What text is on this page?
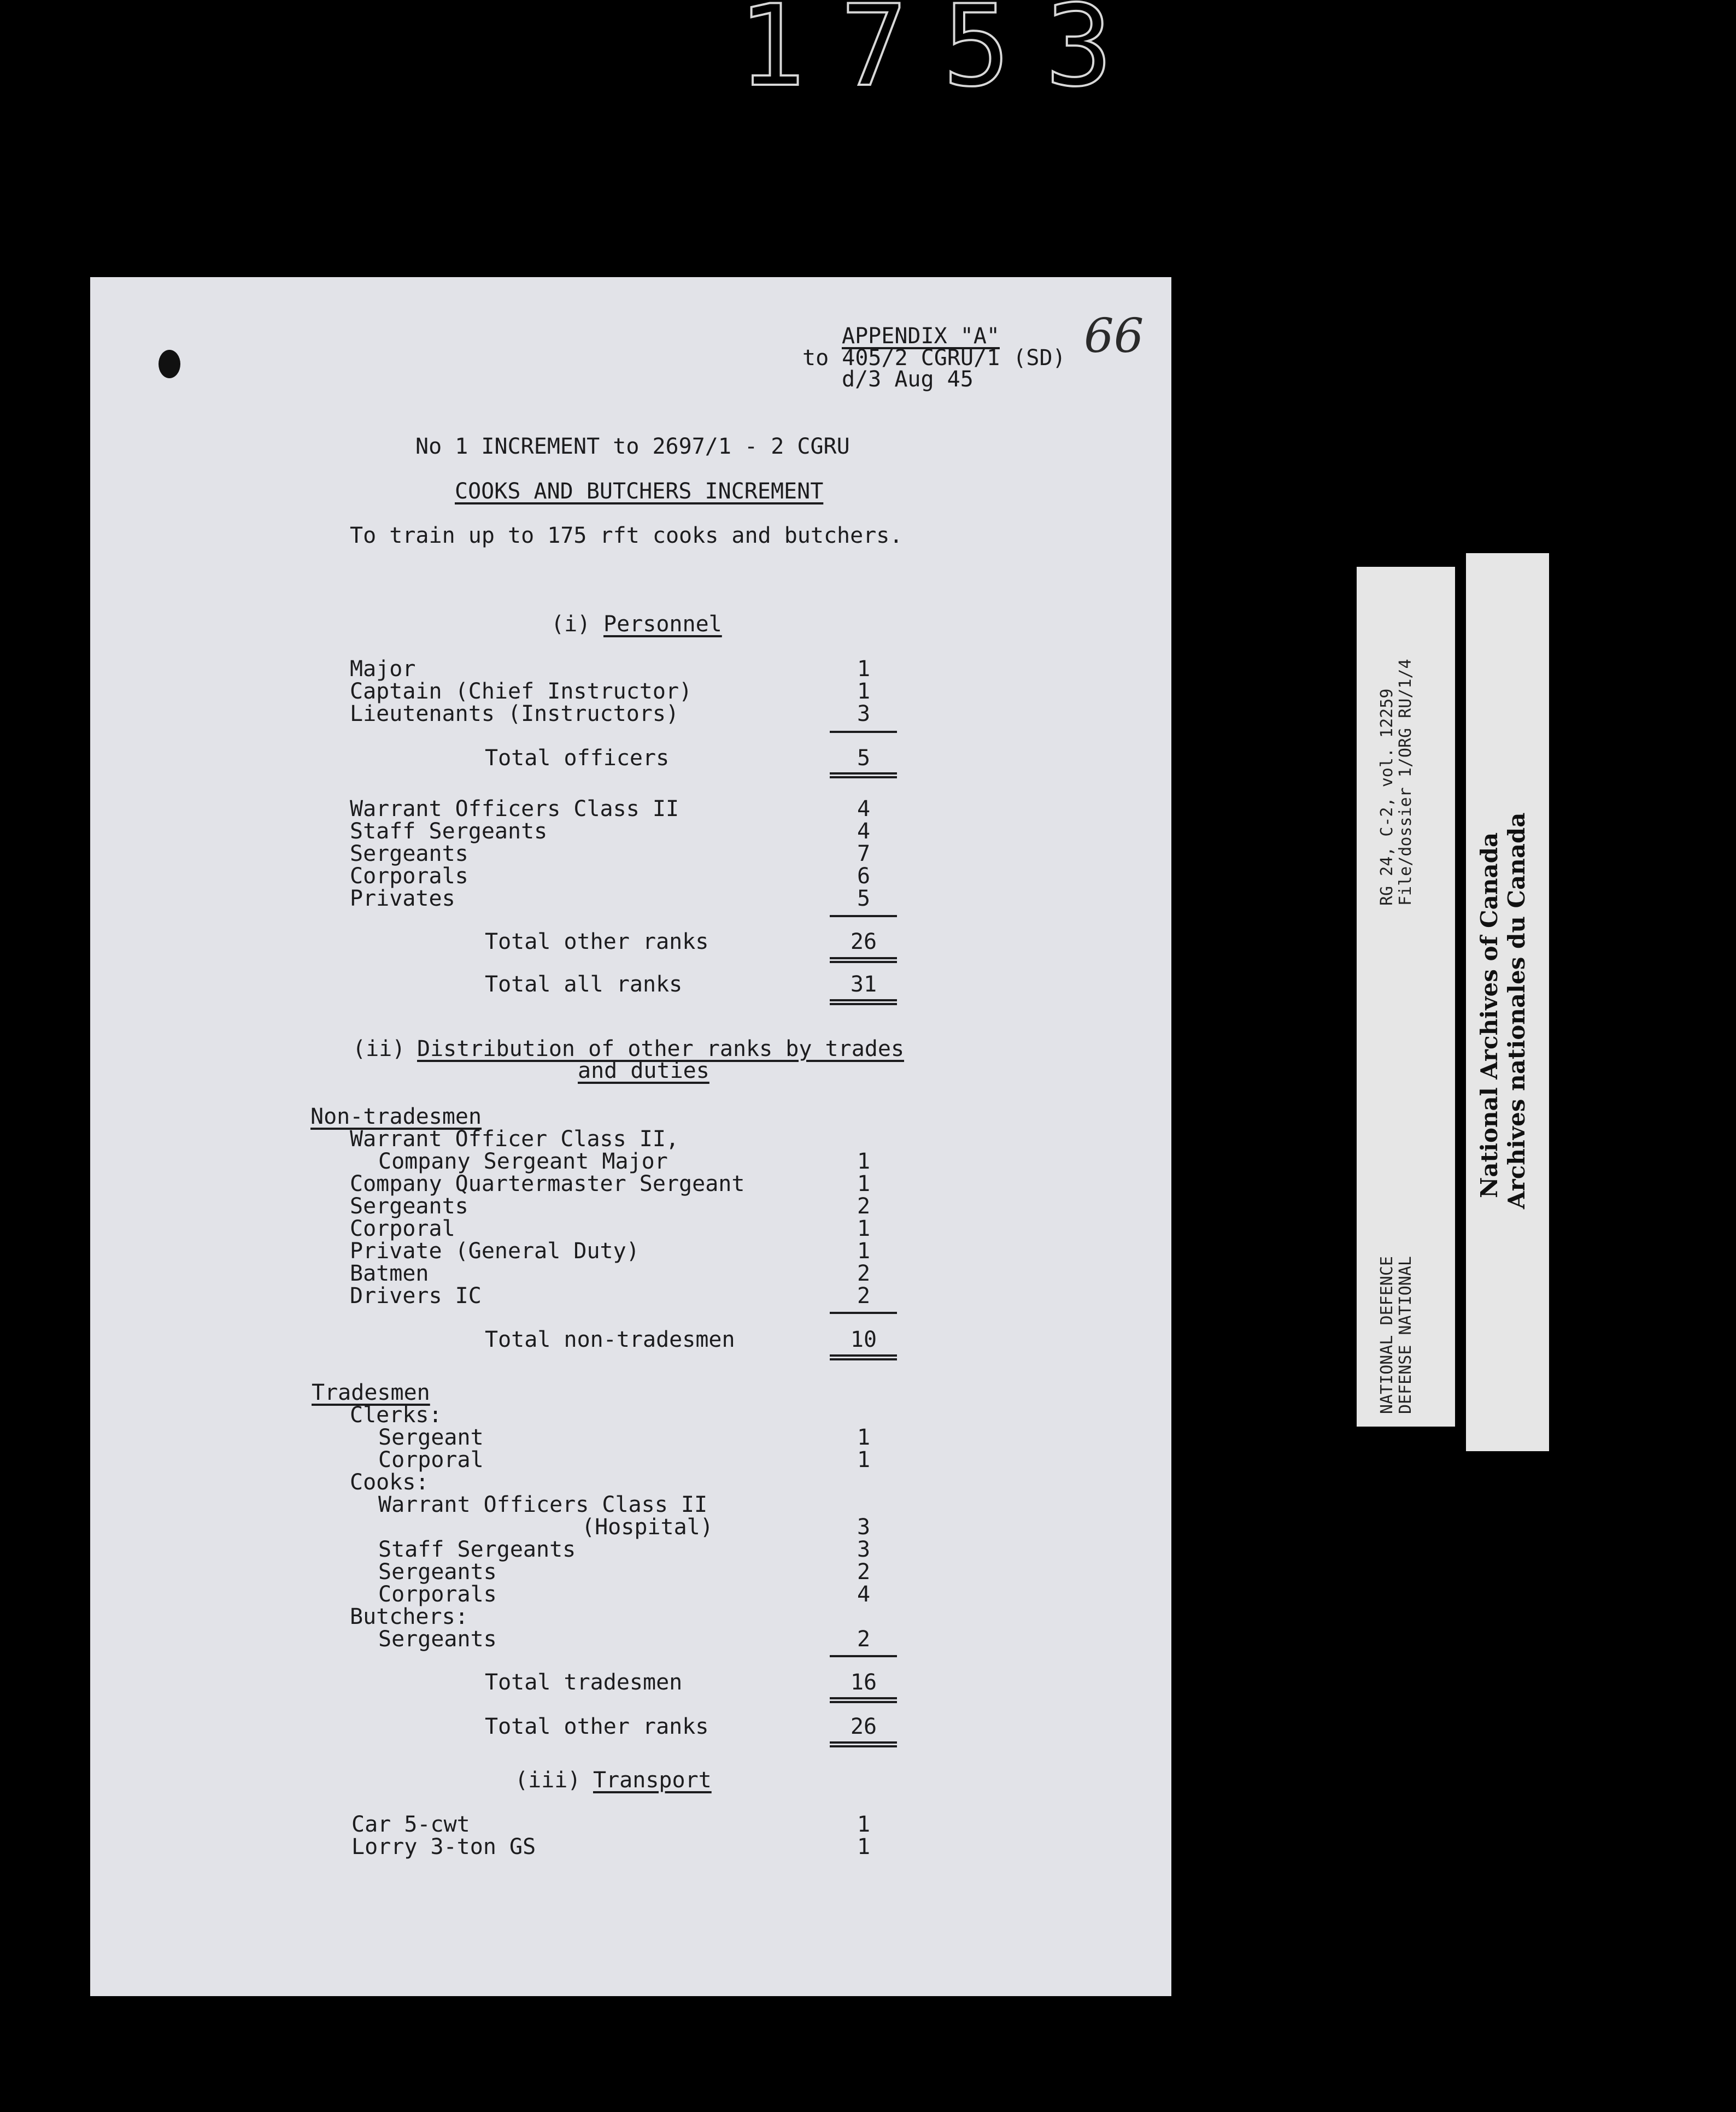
1753
66
APPENDIX "A"
to 405/2 CGRU/1 (SD)
d/3 Aug 45
No 1 INCREMENT to 2697/1 - 2 CGRU
COOKS AND BUTCHERS INCREMENT
To train up to 175 rft cooks and butchers.
(i) Personnel
Major	1
Captain (Chief Instructor)	1
Lieutenants (Instructors)	3
Total officers	5
Warrant Officers Class II	4
Staff Sergeants	4
Sergeants	7
Corporals	6
Privates	5
Total other ranks	26
Total all ranks	31
(ii) Distribution of other ranks by trades
and duties
Non-tradesmen
Warrant Officer Class II,
Company Sergeant Major	1
Company Quartermaster Sergeant	1
Sergeants	2
Corporal	1
Private (General Duty)	1
Batmen	2
Drivers IC	2
Total non-tradesmen	10
Tradesmen
Clerks:
Sergeant	1
Corporal	1
Cooks:
Warrant Officers Class II
(Hospital)	3
Staff Sergeants	3
Sergeants	2
Corporals	4
Butchers:
Sergeants	2
Total tradesmen	16
Total other ranks	26
(iii) Transport
Car 5-cwt	1
Lorry 3-ton GS	1
RG 24, C-2, vol. 12259 File/dossier 1/ORG RU/1/4
NATIONAL DEFENCE DEFENSE NATIONAL
National Archives of Canada Archives nationales du Canada
